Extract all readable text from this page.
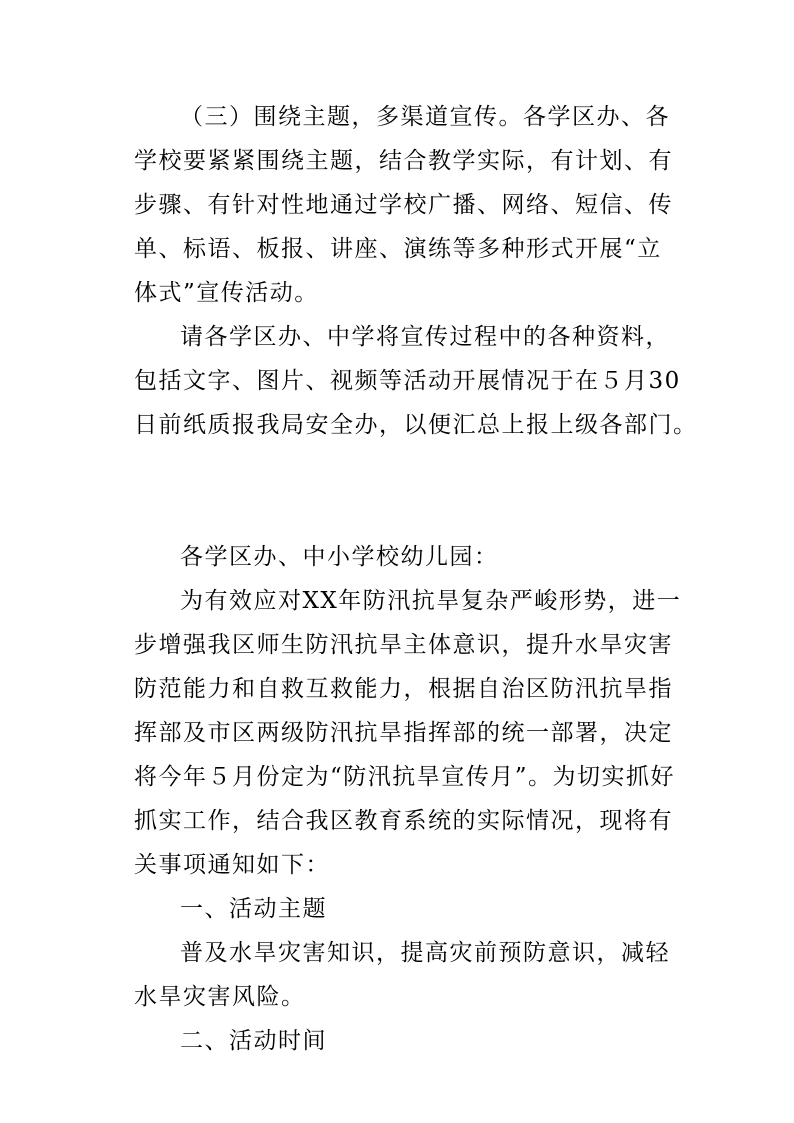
（三）围绕主题，多渠道宣传。各学区办、各
学校要紧紧围绕主题，结合教学实际，有计划、有
步骤、有针对性地通过学校广播、网络、短信、传
单、标语、板报、讲座、演练等多种形式开展“立
体式”宣传活动。
请各学区办、中学将宣传过程中的各种资料，
包括文字、图片、视频等活动开展情况于在５月30
日前纸质报我局安全办，以便汇总上报上级各部门。
各学区办、中小学校幼儿园：
为有效应对XX年防汛抗旱复杂严峻形势，进一
步增强我区师生防汛抗旱主体意识，提升水旱灾害
防范能力和自救互救能力，根据自治区防汛抗旱指
挥部及市区两级防汛抗旱指挥部的统一部署，决定
将今年５月份定为“防汛抗旱宣传月”。为切实抓好
抓实工作，结合我区教育系统的实际情况，现将有
关事项通知如下：
一、活动主题
普及水旱灾害知识，提高灾前预防意识，减轻
水旱灾害风险。
二、活动时间
